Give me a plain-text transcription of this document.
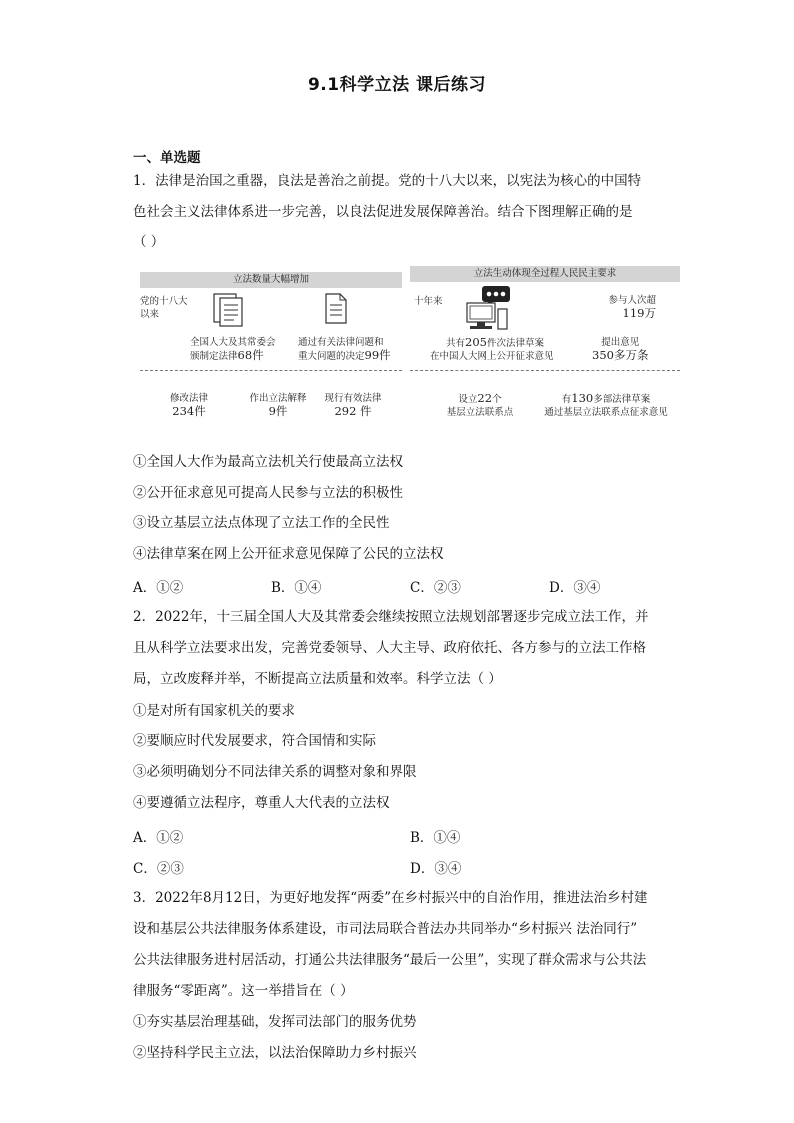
9.1科学立法 课后练习
一、单选题
1．法律是治国之重器，良法是善治之前提。党的十八大以来，以宪法为核心的中国特
色社会主义法律体系进一步完善，以良法促进发展保障善治。结合下图理解正确的是
（ ）
立法数量大幅增加
立法生动体现全过程人民民主要求
党的十八大
以来
全国人大及其常委会
颁制定法律68件
通过有关法律问题和
重大问题的决定99件
十年来	参与人次超
119万
共有205件次法律草案
在中国人大网上公开征求意见
提出意见
350多万条
修改法律
234件
作出立法解释
9件
现行有效法律
292 件
设立22个
基层立法联系点
有130多部法律草案
通过基层立法联系点征求意见
①全国人大作为最高立法机关行使最高立法权
②公开征求意见可提高人民参与立法的积极性
③设立基层立法点体现了立法工作的全民性
④法律草案在网上公开征求意见保障了公民的立法权
A．①②	B．①④	C．②③	D．③④
2．2022年，十三届全国人大及其常委会继续按照立法规划部署逐步完成立法工作，并
且从科学立法要求出发，完善党委领导、人大主导、政府依托、各方参与的立法工作格
局，立改废释并举，不断提高立法质量和效率。科学立法（ ）
①是对所有国家机关的要求
②要顺应时代发展要求，符合国情和实际
③必须明确划分不同法律关系的调整对象和界限
④要遵循立法程序，尊重人大代表的立法权
A．①②	B．①④
C．②③	D．③④
3．2022年8月12日，为更好地发挥“两委”在乡村振兴中的自治作用，推进法治乡村建
设和基层公共法律服务体系建设，市司法局联合普法办共同举办“乡村振兴 法治同行”
公共法律服务进村居活动，打通公共法律服务“最后一公里”，实现了群众需求与公共法
律服务“零距离”。这一举措旨在（ ）
①夯实基层治理基础，发挥司法部门的服务优势
②坚持科学民主立法，以法治保障助力乡村振兴
